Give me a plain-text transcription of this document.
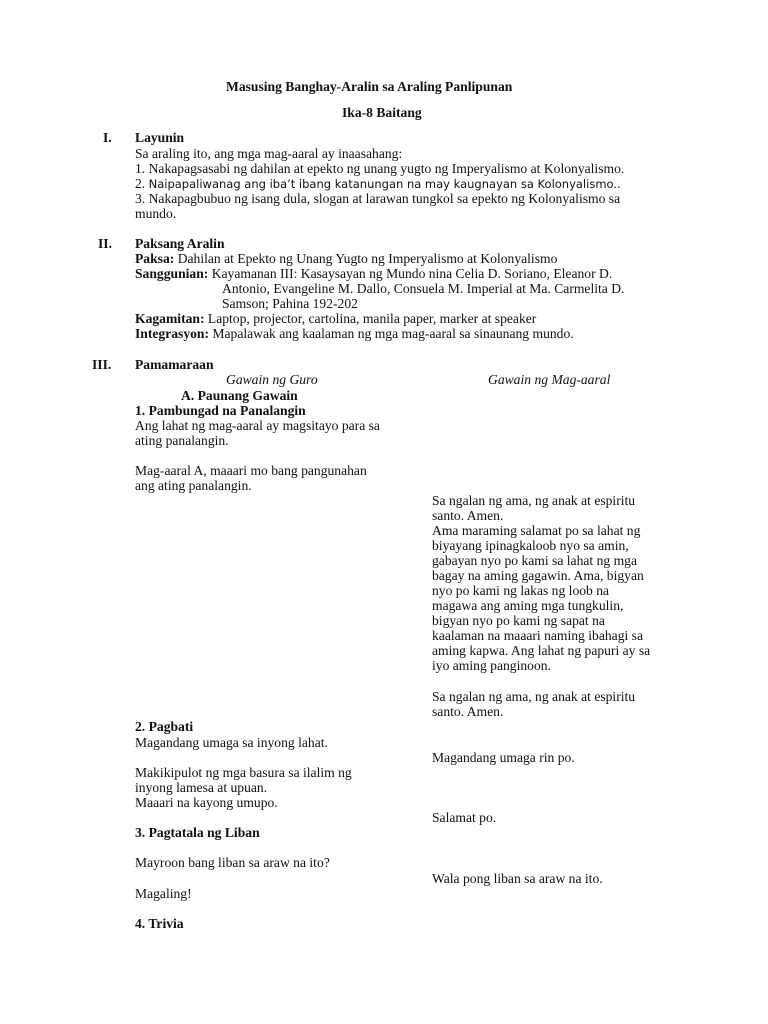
Masusing Banghay-Aralin sa Araling Panlipunan
Ika-8 Baitang
I. Layunin
Sa araling ito, ang mga mag-aaral ay inaasahang:
1. Nakapagsasabi ng dahilan at epekto ng unang yugto ng Imperyalismo at Kolonyalismo.
2. Naipapaliwanag ang iba’t ibang katanungan na may kaugnayan sa Kolonyalismo..
3. Nakapagbubuo ng isang dula, slogan at larawan tungkol sa epekto ng Kolonyalismo sa
mundo.
II. Paksang Aralin
Paksa: Dahilan at Epekto ng Unang Yugto ng Imperyalismo at Kolonyalismo
Sanggunian: Kayamanan III: Kasaysayan ng Mundo nina Celia D. Soriano, Eleanor D.
Antonio, Evangeline M. Dallo, Consuela M. Imperial at Ma. Carmelita D.
Samson; Pahina 192-202
Kagamitan: Laptop, projector, cartolina, manila paper, marker at speaker
Integrasyon: Mapalawak ang kaalaman ng mga mag-aaral sa sinaunang mundo.
III. Pamamaraan
Gawain ng Guro	Gawain ng Mag-aaral
A. Paunang Gawain
1. Pambungad na Panalangin
Ang lahat ng mag-aaral ay magsitayo para sa
ating panalangin.
Mag-aaral A, maaari mo bang pangunahan
ang ating panalangin.
Sa ngalan ng ama, ng anak at espiritu
santo. Amen.
Ama maraming salamat po sa lahat ng
biyayang ipinagkaloob nyo sa amin,
gabayan nyo po kami sa lahat ng mga
bagay na aming gagawin. Ama, bigyan
nyo po kami ng lakas ng loob na
magawa ang aming mga tungkulin,
bigyan nyo po kami ng sapat na
kaalaman na maaari naming ibahagi sa
aming kapwa. Ang lahat ng papuri ay sa
iyo aming panginoon.
Sa ngalan ng ama, ng anak at espiritu
santo. Amen.
2. Pagbati
Magandang umaga sa inyong lahat.
Magandang umaga rin po.
Makikipulot ng mga basura sa ilalim ng
inyong lamesa at upuan.
Maaari na kayong umupo.
Salamat po.
3. Pagtatala ng Liban
Mayroon bang liban sa araw na ito?
Wala pong liban sa araw na ito.
Magaling!
4. Trivia
